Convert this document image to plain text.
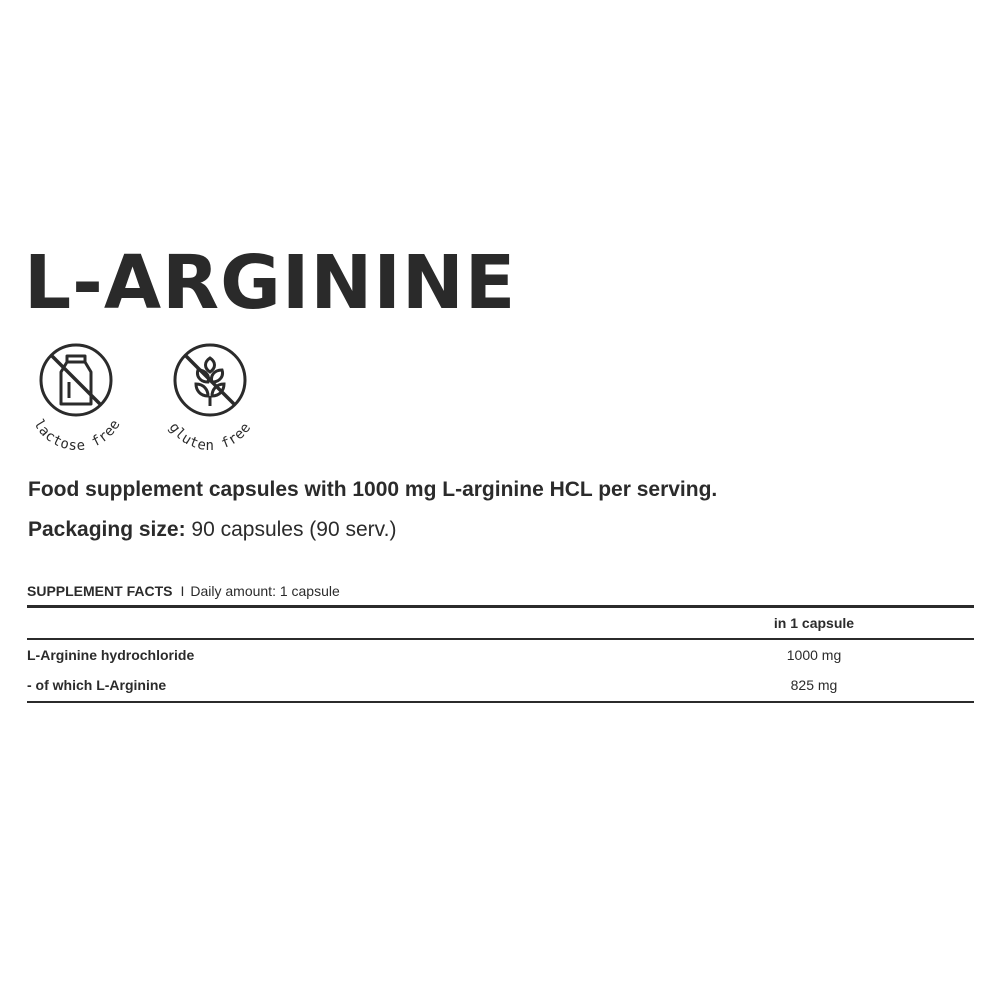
L-ARGININE
lactose free	gluten free

Food supplement capsules with 1000 mg L-arginine HCL per serving.

Packaging size: 90 capsules (90 serv.)

SUPPLEMENT FACTS I Daily amount: 1 capsule
in 1 capsule
L-Arginine hydrochloride	1000 mg
- of which L-Arginine	825 mg
